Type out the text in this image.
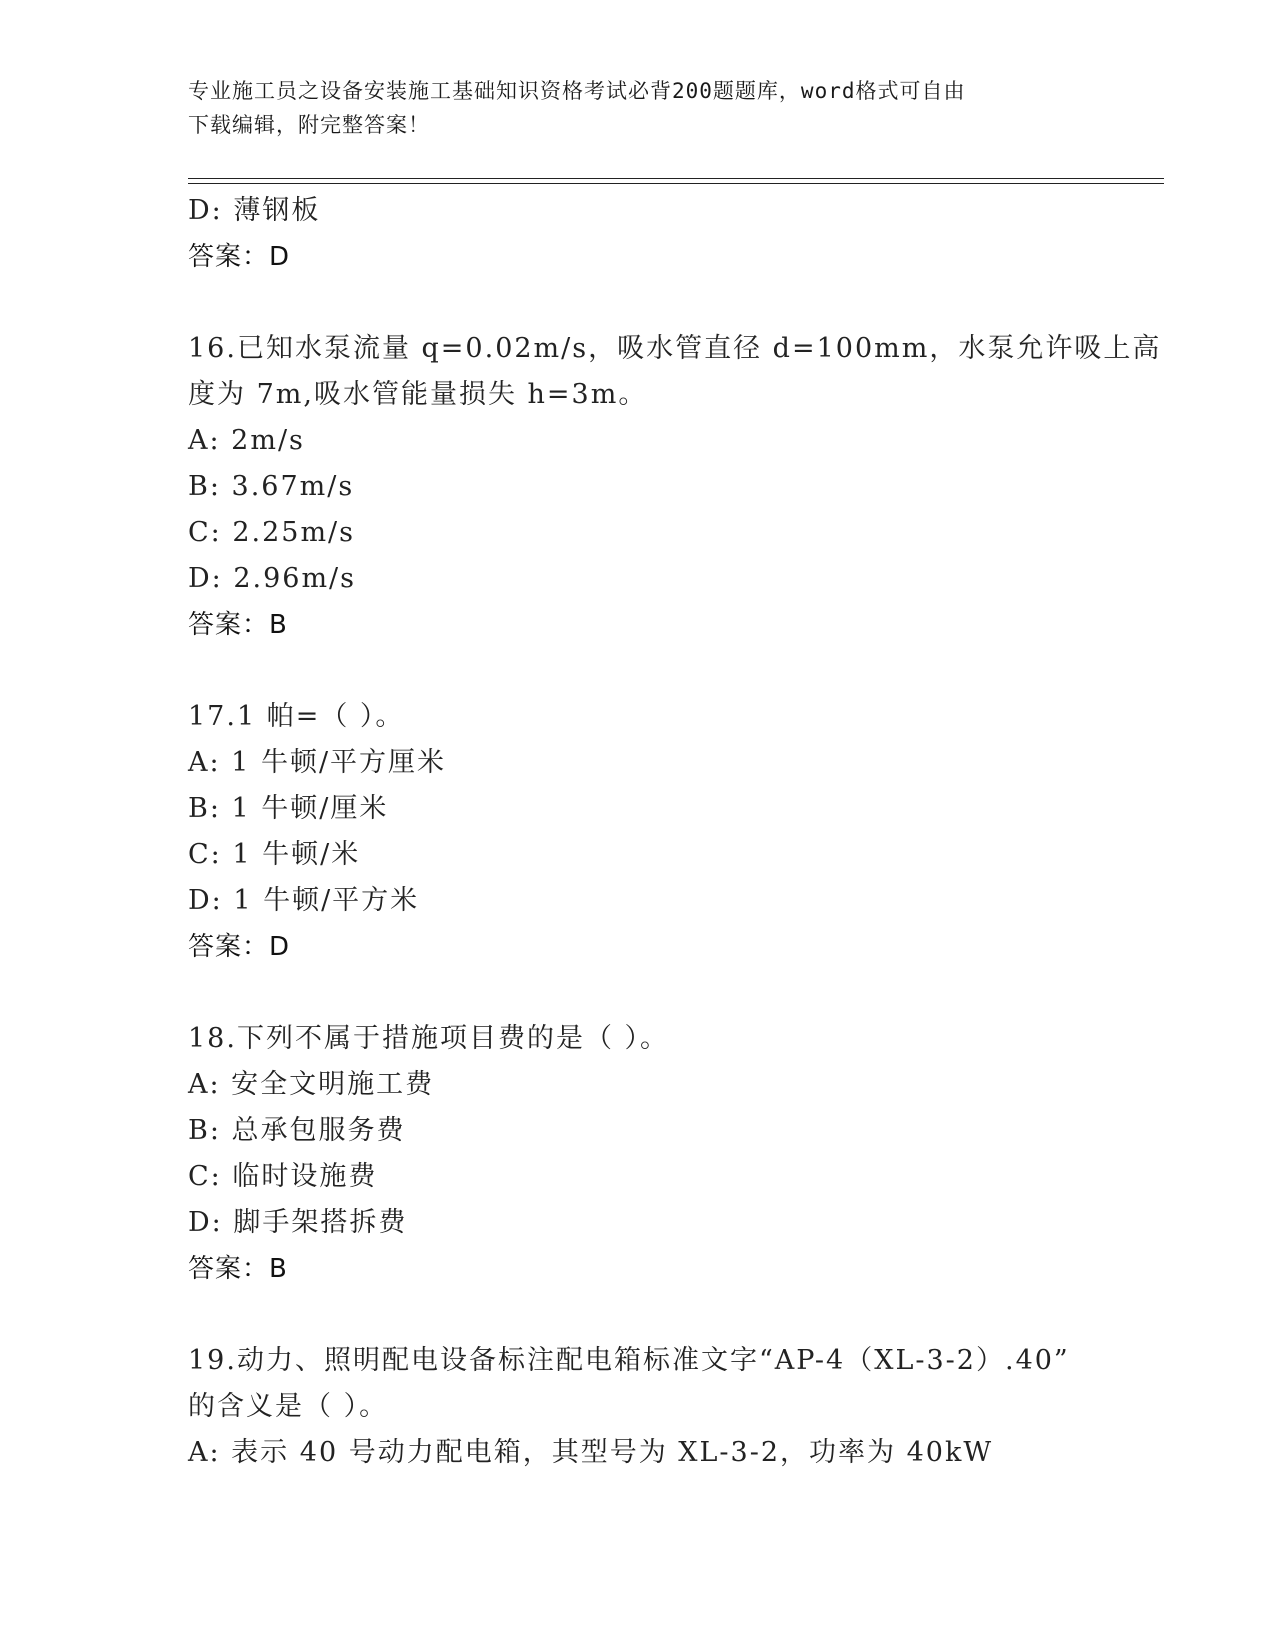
专业施工员之设备安装施工基础知识资格考试必背200题题库，word格式可自由
下载编辑，附完整答案！
D: 薄钢板
答案：D
16.已知水泵流量 q=0.02m/s，吸水管直径 d=100mm，水泵允许吸上高
度为 7m,吸水管能量损失 h=3m。
A: 2m/s
B: 3.67m/s
C: 2.25m/s
D: 2.96m/s
答案：B
17.1 帕=（ ）。
A: 1 牛顿/平方厘米
B: 1 牛顿/厘米
C: 1 牛顿/米
D: 1 牛顿/平方米
答案：D
18.下列不属于措施项目费的是（ ）。
A: 安全文明施工费
B: 总承包服务费
C: 临时设施费
D: 脚手架搭拆费
答案：B
19.动力、照明配电设备标注配电箱标准文字“AP-4（XL-3-2）.40”
的含义是（ ）。
A: 表示 40 号动力配电箱，其型号为 XL-3-2，功率为 40kW
